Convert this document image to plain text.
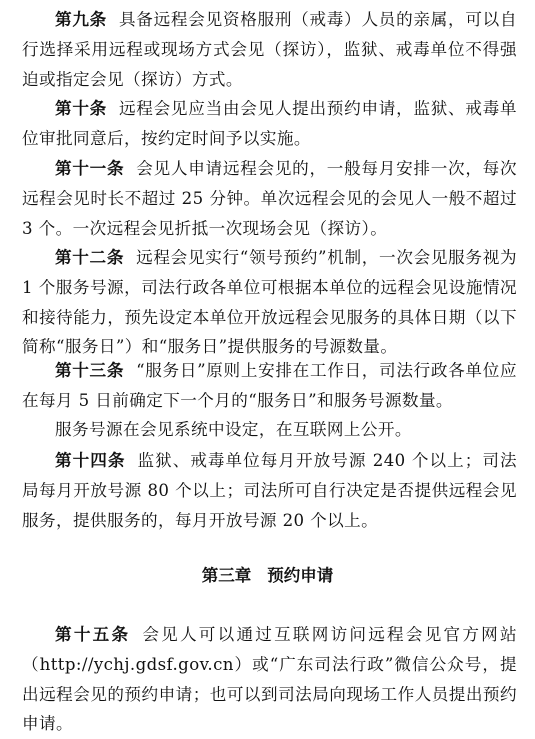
第九条 具备远程会见资格服刑（戒毒）人员的亲属，可以自行选择采用远程或现场方式会见（探访），监狱、戒毒单位不得强迫或指定会见（探访）方式。

第十条 远程会见应当由会见人提出预约申请，监狱、戒毒单位审批同意后，按约定时间予以实施。

第十一条 会见人申请远程会见的，一般每月安排一次，每次远程会见时长不超过 25 分钟。单次远程会见的会见人一般不超过 3 个。一次远程会见折抵一次现场会见（探访）。

第十二条 远程会见实行“领号预约”机制，一次会见服务视为 1 个服务号源，司法行政各单位可根据本单位的远程会见设施情况和接待能力，预先设定本单位开放远程会见服务的具体日期（以下简称“服务日”）和“服务日”提供服务的号源数量。

第十三条 “服务日”原则上安排在工作日，司法行政各单位应在每月 5 日前确定下一个月的“服务日”和服务号源数量。

服务号源在会见系统中设定，在互联网上公开。

第十四条 监狱、戒毒单位每月开放号源 240 个以上；司法局每月开放号源 80 个以上；司法所可自行决定是否提供远程会见服务，提供服务的，每月开放号源 20 个以上。

第三章 预约申请

第十五条 会见人可以通过互联网访问远程会见官方网站（http://ychj.gdsf.gov.cn）或“广东司法行政”微信公众号，提出远程会见的预约申请；也可以到司法局向现场工作人员提出预约申请。
